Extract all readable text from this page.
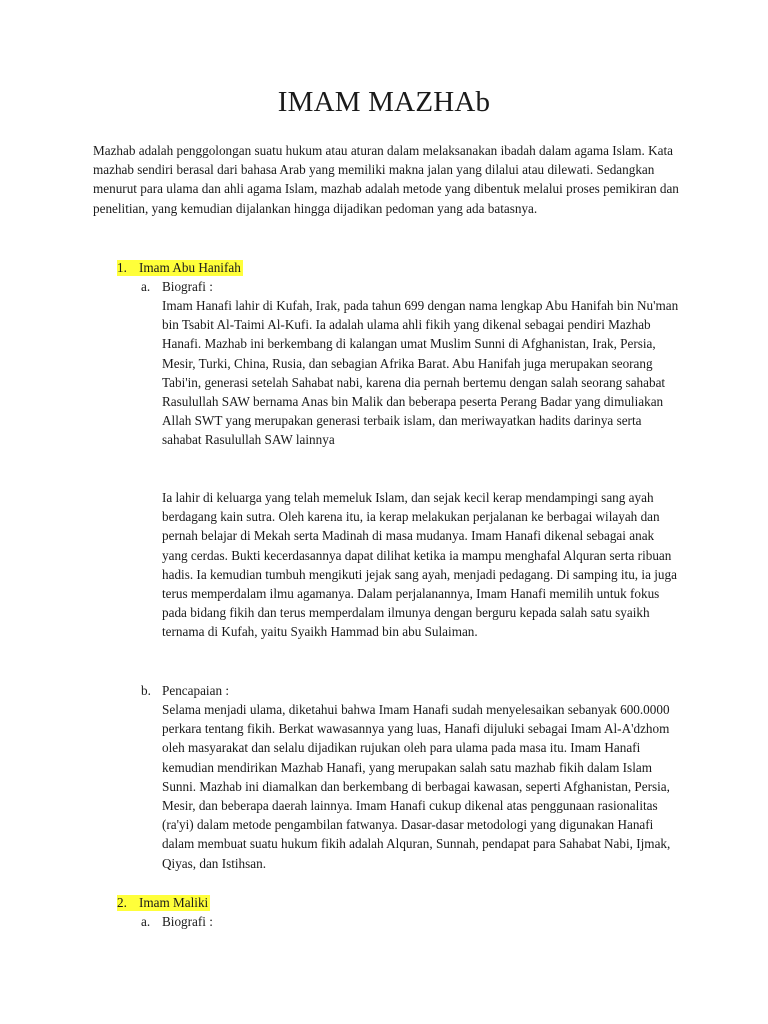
IMAM MAZHAb
Mazhab adalah penggolongan suatu hukum atau aturan dalam melaksanakan ibadah dalam agama Islam. Kata mazhab sendiri berasal dari bahasa Arab yang memiliki makna jalan yang dilalui atau dilewati. Sedangkan menurut para ulama dan ahli agama Islam, mazhab adalah metode yang dibentuk melalui proses pemikiran dan penelitian, yang kemudian dijalankan hingga dijadikan pedoman yang ada batasnya.
1. Imam Abu Hanifah
a. Biografi :
Imam Hanafi lahir di Kufah, Irak, pada tahun 699 dengan nama lengkap Abu Hanifah bin Nu'man bin Tsabit Al-Taimi Al-Kufi. Ia adalah ulama ahli fikih yang dikenal sebagai pendiri Mazhab Hanafi. Mazhab ini berkembang di kalangan umat Muslim Sunni di Afghanistan, Irak, Persia, Mesir, Turki, China, Rusia, dan sebagian Afrika Barat. Abu Hanifah juga merupakan seorang Tabi'in, generasi setelah Sahabat nabi, karena dia pernah bertemu dengan salah seorang sahabat Rasulullah SAW bernama Anas bin Malik dan beberapa peserta Perang Badar yang dimuliakan Allah SWT yang merupakan generasi terbaik islam, dan meriwayatkan hadits darinya serta sahabat Rasulullah SAW lainnya
Ia lahir di keluarga yang telah memeluk Islam, dan sejak kecil kerap mendampingi sang ayah berdagang kain sutra. Oleh karena itu, ia kerap melakukan perjalanan ke berbagai wilayah dan pernah belajar di Mekah serta Madinah di masa mudanya. Imam Hanafi dikenal sebagai anak yang cerdas. Bukti kecerdasannya dapat dilihat ketika ia mampu menghafal Alquran serta ribuan hadis. Ia kemudian tumbuh mengikuti jejak sang ayah, menjadi pedagang. Di samping itu, ia juga terus memperdalam ilmu agamanya. Dalam perjalanannya, Imam Hanafi memilih untuk fokus pada bidang fikih dan terus memperdalam ilmunya dengan berguru kepada salah satu syaikh ternama di Kufah, yaitu Syaikh Hammad bin abu Sulaiman.
b. Pencapaian :
Selama menjadi ulama, diketahui bahwa Imam Hanafi sudah menyelesaikan sebanyak 600.0000 perkara tentang fikih. Berkat wawasannya yang luas, Hanafi dijuluki sebagai Imam Al-A'dzhom oleh masyarakat dan selalu dijadikan rujukan oleh para ulama pada masa itu. Imam Hanafi kemudian mendirikan Mazhab Hanafi, yang merupakan salah satu mazhab fikih dalam Islam Sunni. Mazhab ini diamalkan dan berkembang di berbagai kawasan, seperti Afghanistan, Persia, Mesir, dan beberapa daerah lainnya. Imam Hanafi cukup dikenal atas penggunaan rasionalitas (ra'yi) dalam metode pengambilan fatwanya. Dasar-dasar metodologi yang digunakan Hanafi dalam membuat suatu hukum fikih adalah Alquran, Sunnah, pendapat para Sahabat Nabi, Ijmak, Qiyas, dan Istihsan.
2. Imam Maliki
a. Biografi :
